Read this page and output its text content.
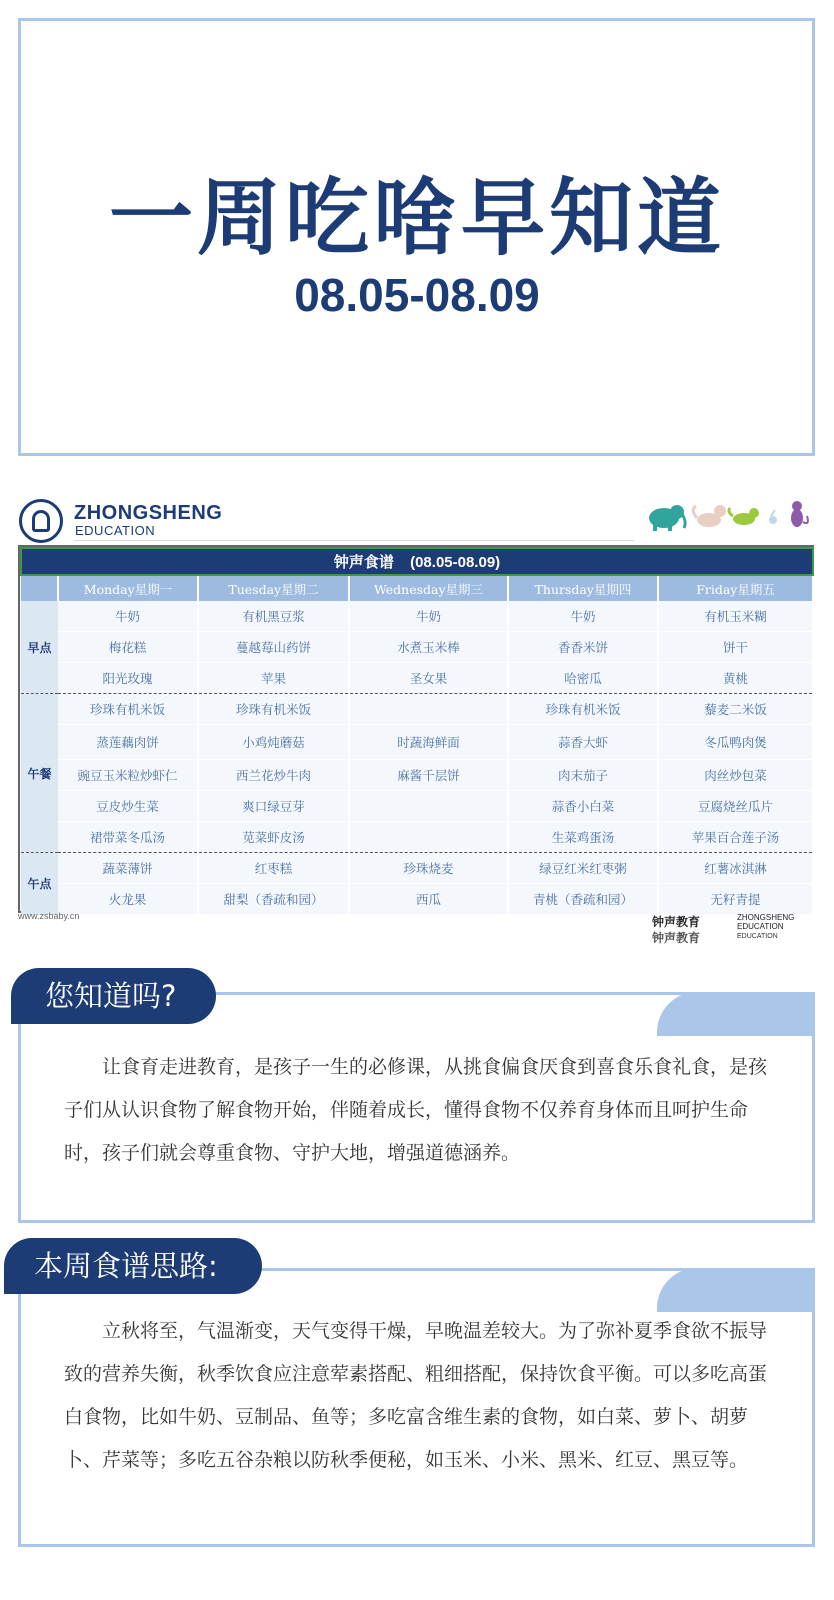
一周吃啥早知道
08.05-08.09
ZHONGSHENG
EDUCATION
钟声食谱 (08.05-08.09)					
	Monday星期一	Tuesday星期二	Wednesday星期三	Thursday星期四	Friday星期五
早点	牛奶	有机黑豆浆	牛奶	牛奶	有机玉米糊
	梅花糕	蔓越莓山药饼	水煮玉米棒	香香米饼	饼干
	阳光玫瑰	苹果	圣女果	哈密瓜	黄桃
午餐	珍珠有机米饭	珍珠有机米饭		珍珠有机米饭	藜麦二米饭
	蒸莲藕肉饼	小鸡炖蘑菇	时蔬海鲜面	蒜香大虾	冬瓜鸭肉煲
	豌豆玉米粒炒虾仁	西兰花炒牛肉	麻酱千层饼	肉末茄子	肉丝炒包菜
	豆皮炒生菜	爽口绿豆芽		蒜香小白菜	豆腐烧丝瓜片
	裙带菜冬瓜汤	苋菜虾皮汤		生菜鸡蛋汤	苹果百合莲子汤
午点	蔬菜薄饼	红枣糕	珍珠烧麦	绿豆红米红枣粥	红薯冰淇淋
	火龙果	甜梨（香疏和园）	西瓜	青桃（香疏和园）	无籽青提
www.zsbaby.cn	钟声教育	ZHONGSHENG EDUCATION
钟声教育	EDUCATION
您知道吗?

让食育走进教育，是孩子一生的必修课，从挑食偏食厌食到喜食乐食礼食，是孩子们从认识食物了解食物开始，伴随着成长，懂得食物不仅养育身体而且呵护生命时，孩子们就会尊重食物、守护大地，增强道德涵养。

本周食谱思路:

立秋将至，气温渐变，天气变得干燥，早晚温差较大。为了弥补夏季食欲不振导致的营养失衡，秋季饮食应注意荤素搭配、粗细搭配，保持饮食平衡。可以多吃高蛋白食物，比如牛奶、豆制品、鱼等；多吃富含维生素的食物，如白菜、萝卜、胡萝卜、芹菜等；多吃五谷杂粮以防秋季便秘，如玉米、小米、黑米、红豆、黑豆等。
